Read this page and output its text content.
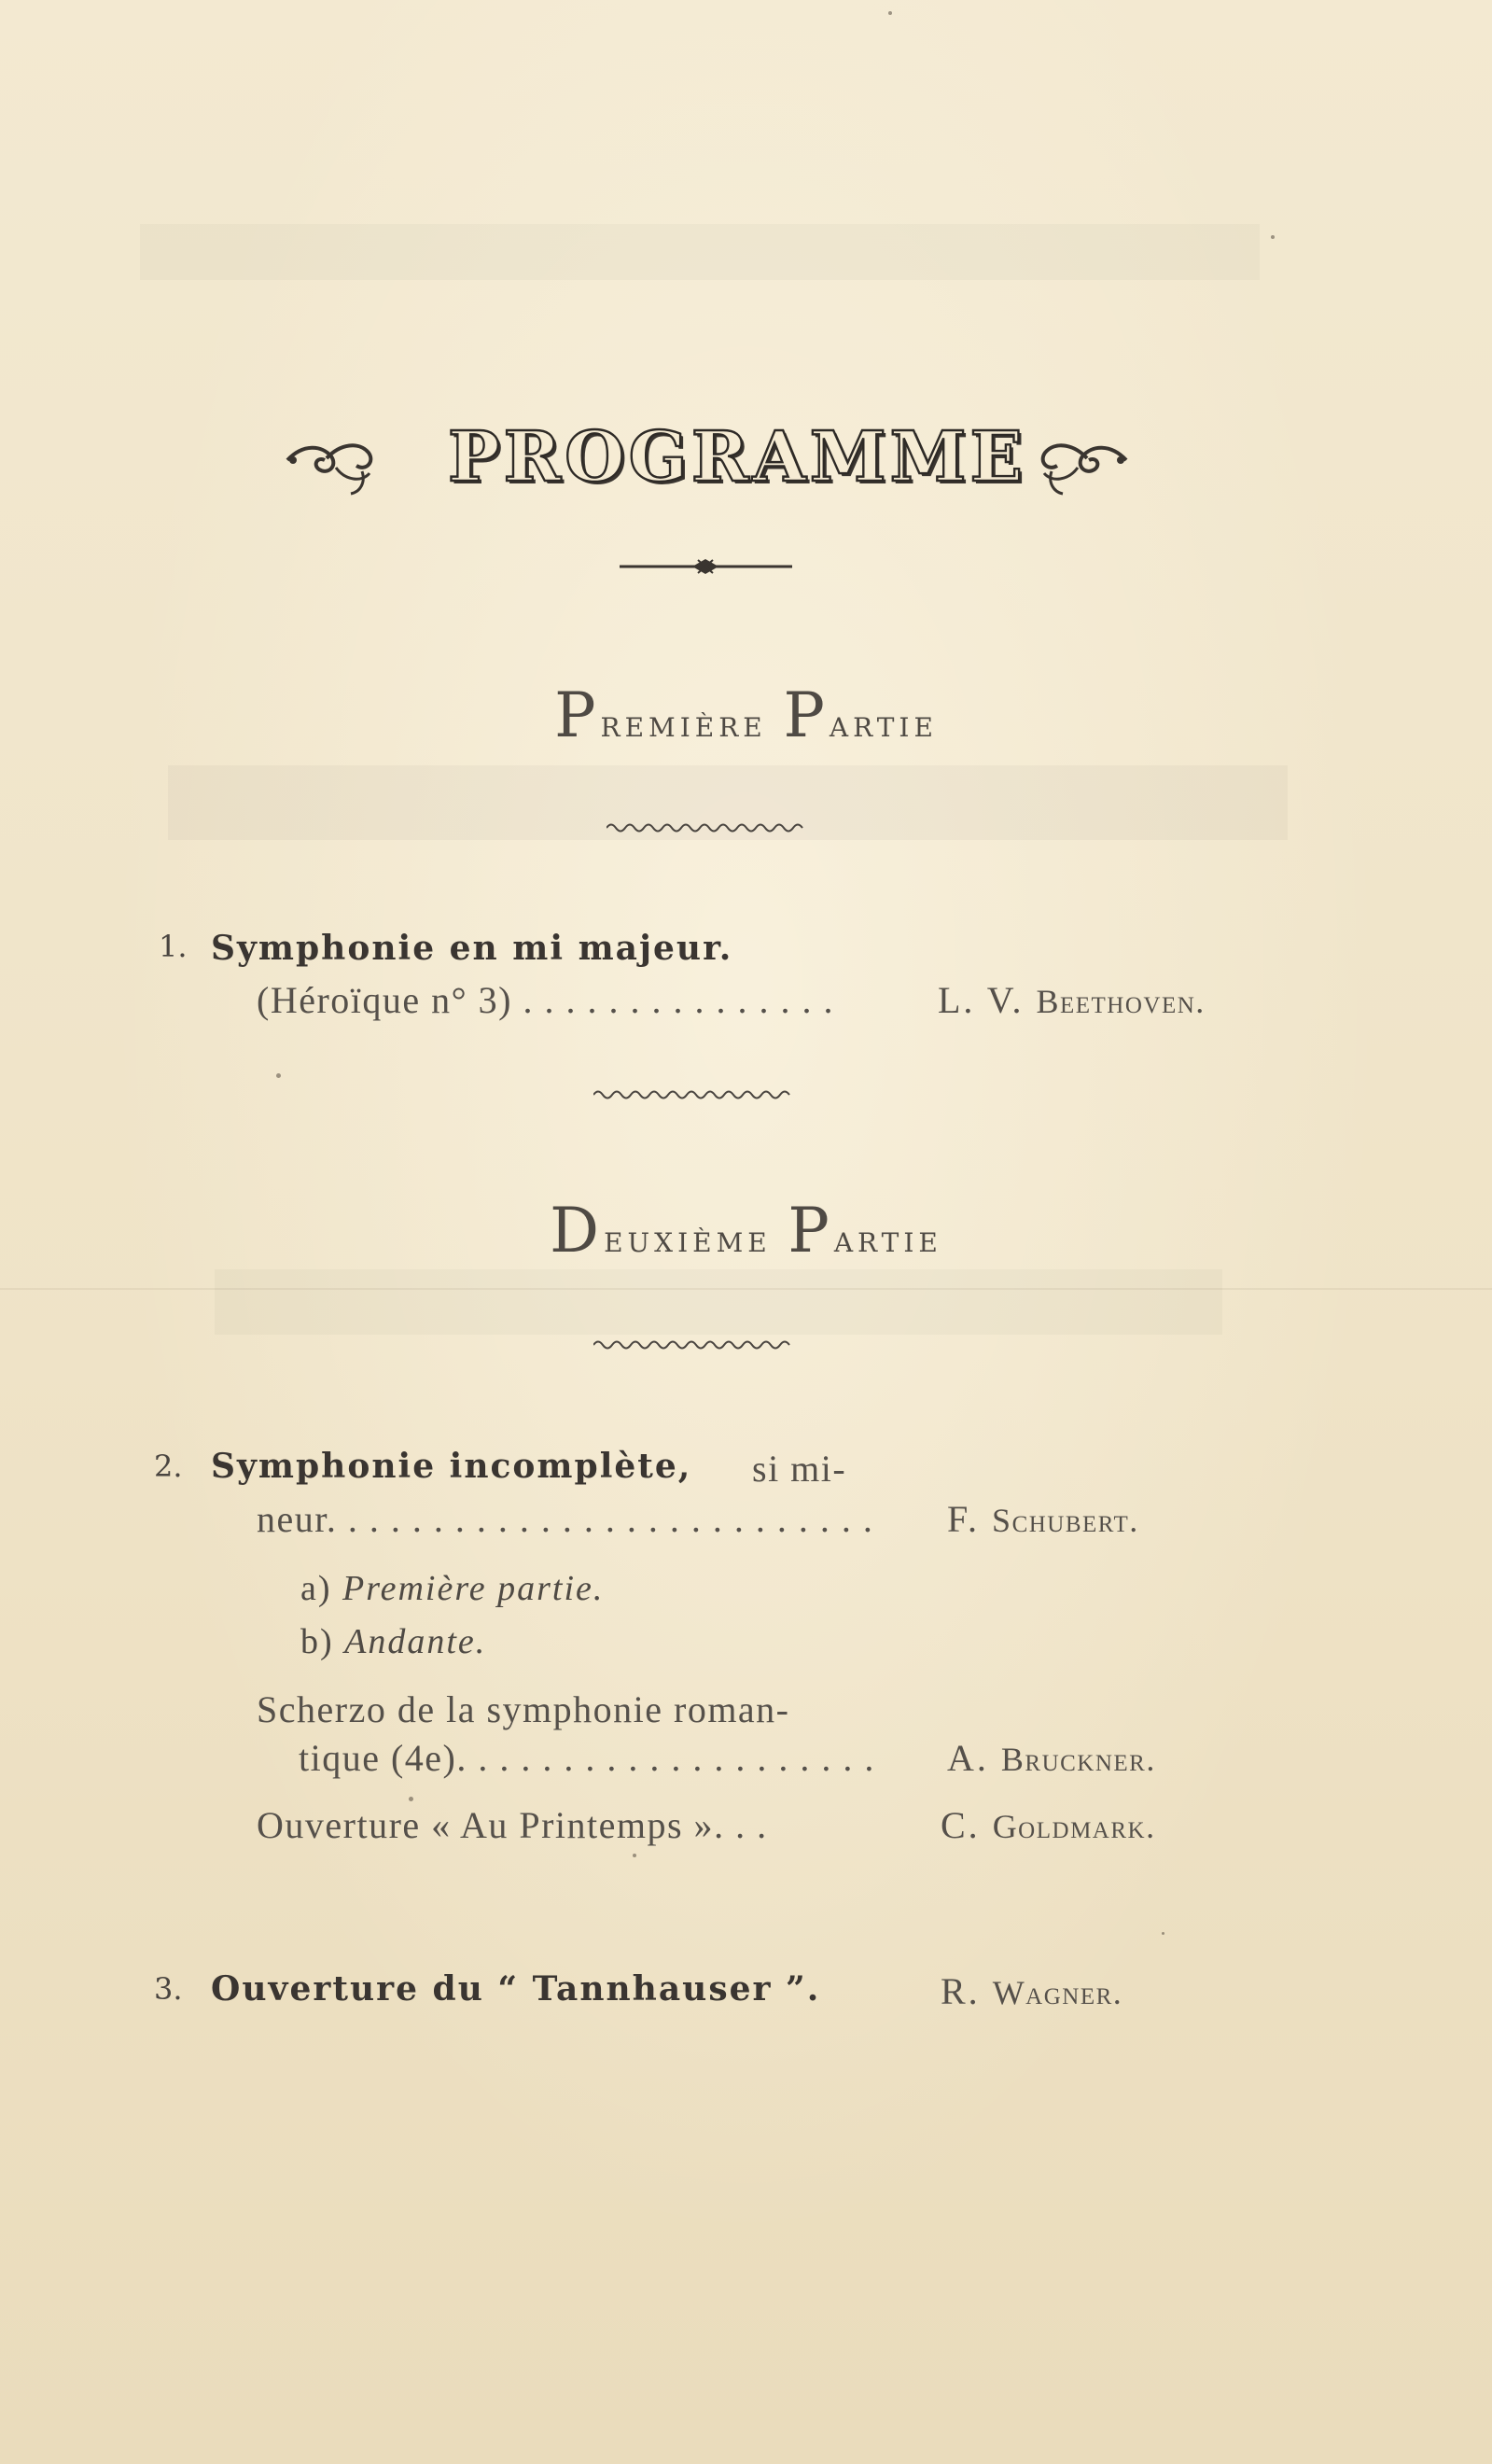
PROGRAMME
Première Partie
1. Symphonie en mi majeur.
(Héroïque n° 3) . . . . . . . . . . . . . . .	L. V. Beethoven.
Deuxième Partie
2. Symphonie incomplète, si mi-
neur. . . . . . . . . . . . . . . . . . . . . . . . . . F. Schubert.
a) Première partie.
b) Andante.
Scherzo de la symphonie roman-
tique (4e). . . . . . . . . . . . . . . . . . . . A. Bruckner.
Ouverture « Au Printemps ». . .	C. Goldmark.
3. Ouverture du “ Tannhauser ”.	R. Wagner.
